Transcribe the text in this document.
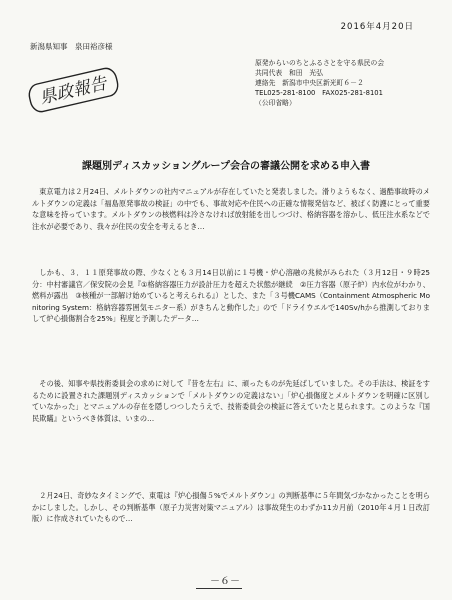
2016年4月20日
新潟県知事　泉田裕彦様
県政報告
原発からいのちとふるさとを守る県民の会
共同代表　和田　光弘
連絡先　新潟市中央区新光町６－２
TEL025-281-8100　FAX025-281-8101
（公印省略）
課題別ディスカッショングループ会合の審議公開を求める申入書
　東京電力は２月24日、メルトダウンの社内マニュアルが存在していたと発表しました。滑りようもなく、過酷事故時のメルトダウンの定義は「福島原発事故の検証」の中でも、事故対応や住民への正確な情報発信など、被ばく防護にとって重要な意味を持っています。メルトダウンの核燃料は冷さなければ放射能を出しつづけ、格納容器を溶かし、低圧注水系などで注水が必要であり、我々が住民の安全を考えるとき…
　しかも、３．１１原発事故の際、少なくとも３月14日以前に１号機・炉心溶融の兆候がみられた（３月12日・９時25分：中村審議官／保安院の会見『①格納容器圧力が設計圧力を超えた状態が継続　②圧力容器（原子炉）内水位がわかり、燃料が露出　③核種が一部解け始めていると考えられる』）とした、また「３号機CAMS（Containment Atmospheric Monitoring System：格納容器雰囲気モニター系）がきちんと動作した」ので「ドライウエルで140Sv/hから推測しておりまして炉心損傷割合を25%」程度と予測したデータ…
　その後、知事や県技術委員会の求めに対して『昔を左右』に、頑ったものが先延ばしていました。その手法は、検証をするために設置された課題別ディスカッションで「メルトダウンの定義はない」「炉心損傷度とメルトダウンを明確に区別していなかった」とマニュアルの存在を隠しつつしたうえで、技術委員会の検証に答えていたと見られます。このような『国民欺瞞』というべき体質は、いまの…
　２月24日、奇妙なタイミングで、東電は『炉心損傷５%でメルトダウン』の判断基準に５年間気づかなかったことを明らかにしました。しかし、その判断基準（原子力災害対策マニュアル）は事故発生のわずか11カ月前（2010年４月１日改訂版）に作成されていたもので…
－６－
